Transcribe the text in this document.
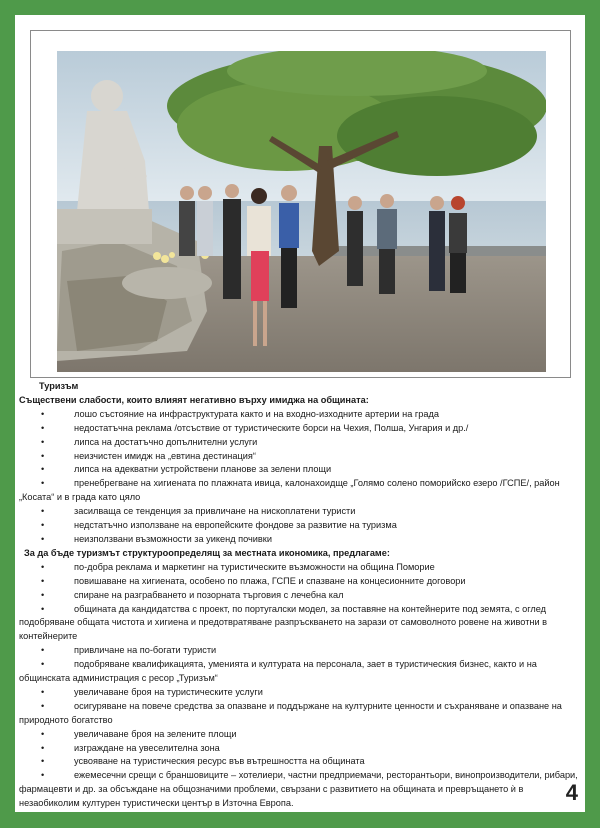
Туризъм
Съществени слабости, които влияят негативно върху имиджа на общината:
•	лошо състояние на инфраструктурата както и на входно-изходните артерии на града
•	недостатъчна реклама /отсъствие от туристическите борси на Чехия, Полша, Унгария и др./
•	липса на достатъчно допълнителни услуги
•	неизчистен имидж на „евтина дестинация“
•	липса на адекватни устройствени планове за зелени площи
•	пренебрегване на хигиената по плажната ивица, калонахоидще „Голямо солено поморийско езеро /ГСПЕ/, район „Косата“ и в града като цяло
•	засилваща се тенденция за привличане на нископлатени туристи
•	недстатъчно използване на европейските фондове за развитие на туризма
•	неизползвани възможности за уикенд почивки
За да бъде туризмът структуроопределящ за местната икономика, предлагаме:
•	по-добра реклама и маркетинг на туристическите възможности на община Поморие
•	повишаване на хигиената, особено по плажа, ГСПЕ и спазване на концесионните договори
•	спиране на разграбването и позорната търговия с лечебна кал
•	общината да кандидатства с проект, по португалски модел, за поставяне на контейнерите под земята, с оглед подобряване общата чистота и хигиена и предотвратяване разпръскването на зарази от самоволното ровене на животни в контейнерите
•	привличане на по-богати туристи
•	подобряване квалификацията, уменията и културата на персонала, зает в туристическия бизнес, както и на общинската администрация с ресор „Туризъм“
•	увеличаване броя на туристическите услуги
•	осигуряване на повече средства за опазване и поддържане на културните ценности и съхраняване и опазване на природното богатство
•	увеличаване броя на зелените площи
•	изграждане на увеселителна зона
•	усвояване на туристическия ресурс във вътрешността на общината
•	ежемесечни срещи с браншовиците – хотелиери, частни предприемачи, ресторантьори, винопроизводители, рибари, фармацевти и др. за обсъждане на общозначими проблеми, свързани с развитието на общината и превръщането ѝ в незаобиколим културен туристически център в Източна Европа.	4
